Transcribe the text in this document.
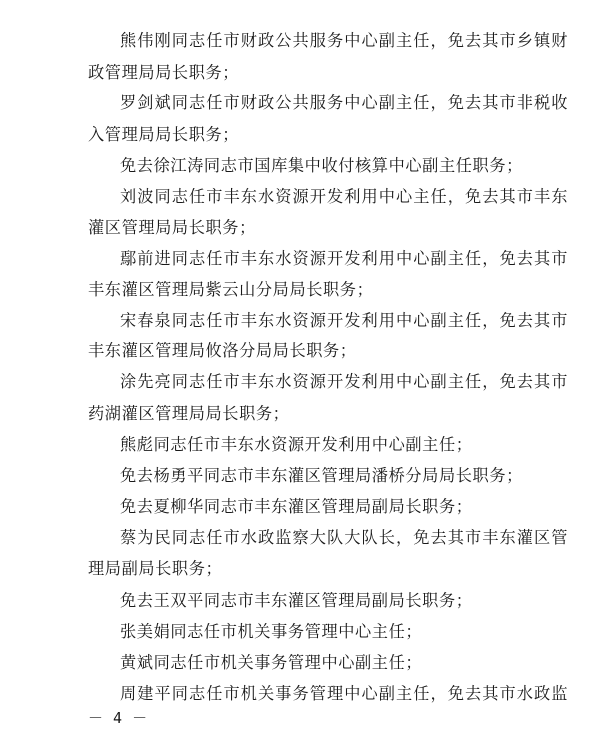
熊伟刚同志任市财政公共服务中心副主任，免去其市乡镇财
政管理局局长职务；
罗剑斌同志任市财政公共服务中心副主任，免去其市非税收
入管理局局长职务；
免去徐江涛同志市国库集中收付核算中心副主任职务；
刘波同志任市丰东水资源开发利用中心主任，免去其市丰东
灌区管理局局长职务；
鄢前进同志任市丰东水资源开发利用中心副主任，免去其市
丰东灌区管理局紫云山分局局长职务；
宋春泉同志任市丰东水资源开发利用中心副主任，免去其市
丰东灌区管理局攸洛分局局长职务；
涂先亮同志任市丰东水资源开发利用中心副主任，免去其市
药湖灌区管理局局长职务；
熊彪同志任市丰东水资源开发利用中心副主任；
免去杨勇平同志市丰东灌区管理局潘桥分局局长职务；
免去夏柳华同志市丰东灌区管理局副局长职务；
蔡为民同志任市水政监察大队大队长，免去其市丰东灌区管
理局副局长职务；
免去王双平同志市丰东灌区管理局副局长职务；
张美娟同志任市机关事务管理中心主任；
黄斌同志任市机关事务管理中心副主任；
周建平同志任市机关事务管理中心副主任，免去其市水政监
－ 4 －
